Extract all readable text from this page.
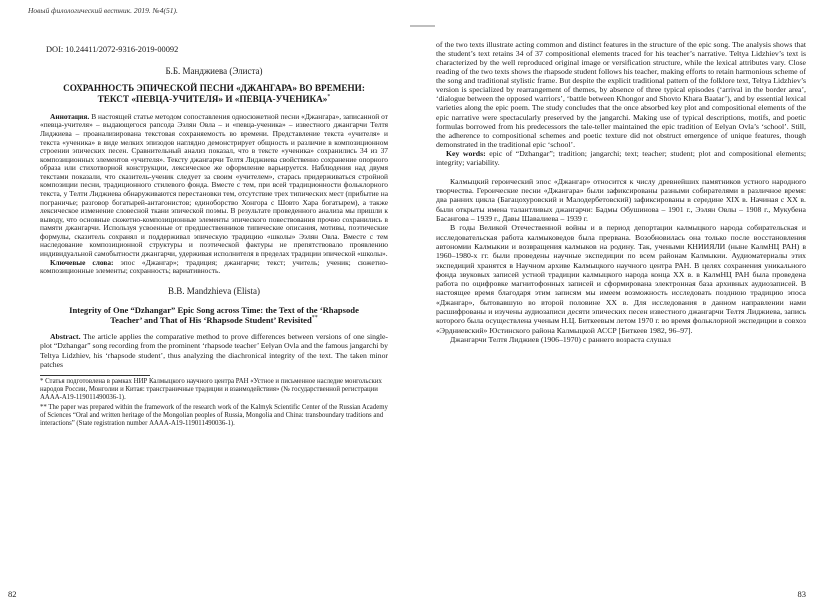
Новый филологический вестник. 2019. №4(51).

DOI: 10.24411/2072-9316-2019-00092

Б.Б. Манджиева (Элиста)

СОХРАННОСТЬ ЭПИЧЕСКОЙ ПЕСНИ «ДЖАНГАРА» ВО ВРЕМЕНИ: ТЕКСТ «ПЕВЦА-УЧИТЕЛЯ» И «ПЕВЦА-УЧЕНИКА»*

Аннотация. В настоящей статье методом сопоставления односюжетной песни «Джангара», записанной от «певца-учителя» – выдающегося рапсода Ээлян Овла – и «певца-ученика» – известного джангарчи Телтя Лиджиева – проанализирована текстовая сохраняемость во времени. Представление текста «учителя» и текста «ученика» в виде мелких эпизодов наглядно демонстрирует общность и различие в композиционном строении эпических песен. Сравнительный анализ показал, что в тексте «ученика» сохранились 34 из 37 композиционных элементов «учителя». Тексту джангарчи Телтя Лиджиева свойственно сохранение опорного образа или стихотворной конструкции, лексическое же оформление варьируется. Наблюдения над двумя текстами показали, что сказитель-ученик следует за своим «учителем», старась придерживаться стройной композиции песни, традиционного стилевого фонда. Вместе с тем, при всей традиционности фольклорного текста, у Телти Лиджиева обнаруживаются перестановки тем, отсутствие трех типических мест (прибытие на пограничье; разговор богатырей-антагонистов; единоборство Хонгора с Шовто Хара богатырем), а также лексическое изменение словесной ткани эпической поэмы. В результате проведенного анализа мы пришли к выводу, что основные сюжетно-композиционные элементы эпического повествования прочно сохранились в памяти джангарчи. Используя усвоенные от предшественников типические описания, мотивы, поэтические формулы, сказитель сохранял и поддерживал эпическую традицию «школы» Ээлян Овла. Вместе с тем наследование композиционной структуры и поэтической фактуры не препятствовало проявлению индивидуальной самобытности джангарчи, удерживая исполнителя в пределах традиции эпической «школы».

Ключевые слова: эпос «Джангар»; традиция; джангарчи; текст; учитель; ученик; сюжетно-композиционные элементы; сохранность; вариативность.

B.B. Mandzhieva (Elista)

Integrity of One “Dzhangar” Epic Song across Time: the Text of the ‘Rhapsode Teacher’ and That of His ‘Rhapsode Student’ Revisited**

Abstract. The article applies the comparative method to prove differences between versions of one single-plot “Dzhangar” song recording from the prominent ‘rhapsode teacher’ Eelyan Ovla and the famous jangarchi by Teltya Lidzhiev, his ‘rhapsode student’, thus analyzing the diachronical integrity of the text. The taken minor patches

* Статья подготовлена в рамках НИР Калмыцкого научного центра РАН «Устное и письменное наследие монгольских народов России, Монголии и Китая: трансграничные традиции и взаимодействия» (№ государственной регистрации АААА-А19-119011490036-1).

** The paper was prepared within the framework of the research work of the Kalmyk Scientific Center of the Russian Academy of Sciences “Oral and written heritage of the Mongolian peoples of Russia, Mongolia and China: transboundary traditions and interactions” (State registration number АААА-А19-119011490036-1).

82

of the two texts illustrate acting common and distinct features in the structure of the epic song. The analysis shows that the student’s text retains 34 of 37 compositional elements traced for his teacher’s narrative. Teltya Lidzhiev’s text is characterized by the well reproduced original image or versification structure, while the lexical attributes vary. Close reading of the two texts shows the rhapsode student follows his teacher, making efforts to retain harmonious scheme of the song and traditional stylistic frame. But despite the explicit traditional pattern of the folklore text, Teltya Lidzhiev’s version is specialized by rearrangement of themes, by absence of three typical episodes (‘arrival in the border area’, ‘dialogue between the opposed warriors’, ‘battle between Khongor and Shovto Khara Baatar’), and by essential lexical varieties along the epic poem. The study concludes that the once absorbed key plot and compositional elements of the epic narrative were spectacularly preserved by the jangarchi. Making use of typical descriptions, motifs, and poetic formulas borrowed from his predecessors the tale-teller maintained the epic tradition of Eelyan Ovla’s ‘school’. Still, the adherence to compositional schemes and poetic texture did not obstruct emergence of unique features, though demonstrated in the traditional epic ‘school’.

Key words: epic of “Dzhangar”; tradition; jangarchi; text; teacher; student; plot and compositional elements; integrity; variability.

Калмыцкий героический эпос «Джангар» относится к числу древнейших памятников устного народного творчества. Героические песни «Джангара» были зафиксированы разными собирателями в различное время: два ранних цикла (Багацохуровский и Малодербетовский) зафиксированы в середине XIX в. Начиная с XX в. были открыты имена талантливых джангарчи: Бадмы Обушинова – 1901 г., Ээлян Овлы – 1908 г., Мукубена Басангова – 1939 г., Давы Шавалиева – 1939 г.

В годы Великой Отечественной войны и в период депортации калмыцкого народа собирательская и исследовательская работа калмыковедов была прервана. Возобновилась она только после восстановления автономии Калмыкии и возвращения калмыков на родину. Так, учеными КНИИЯЛИ (ныне КалмНЦ РАН) в 1960–1980-х гг. были проведены научные экспедиции по всем районам Калмыкии. Аудиоматериалы этих экспедиций хранятся в Научном архиве Калмыцкого научного центра РАН. В целях сохранения уникального фонда звуковых записей устной традиции калмыцкого народа конца XX в. в КалмНЦ РАН была проведена работа по оцифровке магнитофонных записей и сформирована электронная база архивных аудиозаписей. В настоящее время благодаря этим записям мы имеем возможность исследовать позднюю традицию эпоса «Джангар», бытовавшую во второй половине XX в. Для исследования в данном направлении нами расшифрованы и изучены аудиозаписи десяти эпических песен известного джангарчи Телтя Лиджиева, запись которого была осуществлена ученым Н.Ц. Биткеевым летом 1970 г. во время фольклорной экспедиции в совхоз «Эрдниевский» Юстинского района Калмыцкой АССР [Биткеев 1982, 96–97].

Джангарчи Телтя Лиджиев (1906–1970) с раннего возраста слушал

83
